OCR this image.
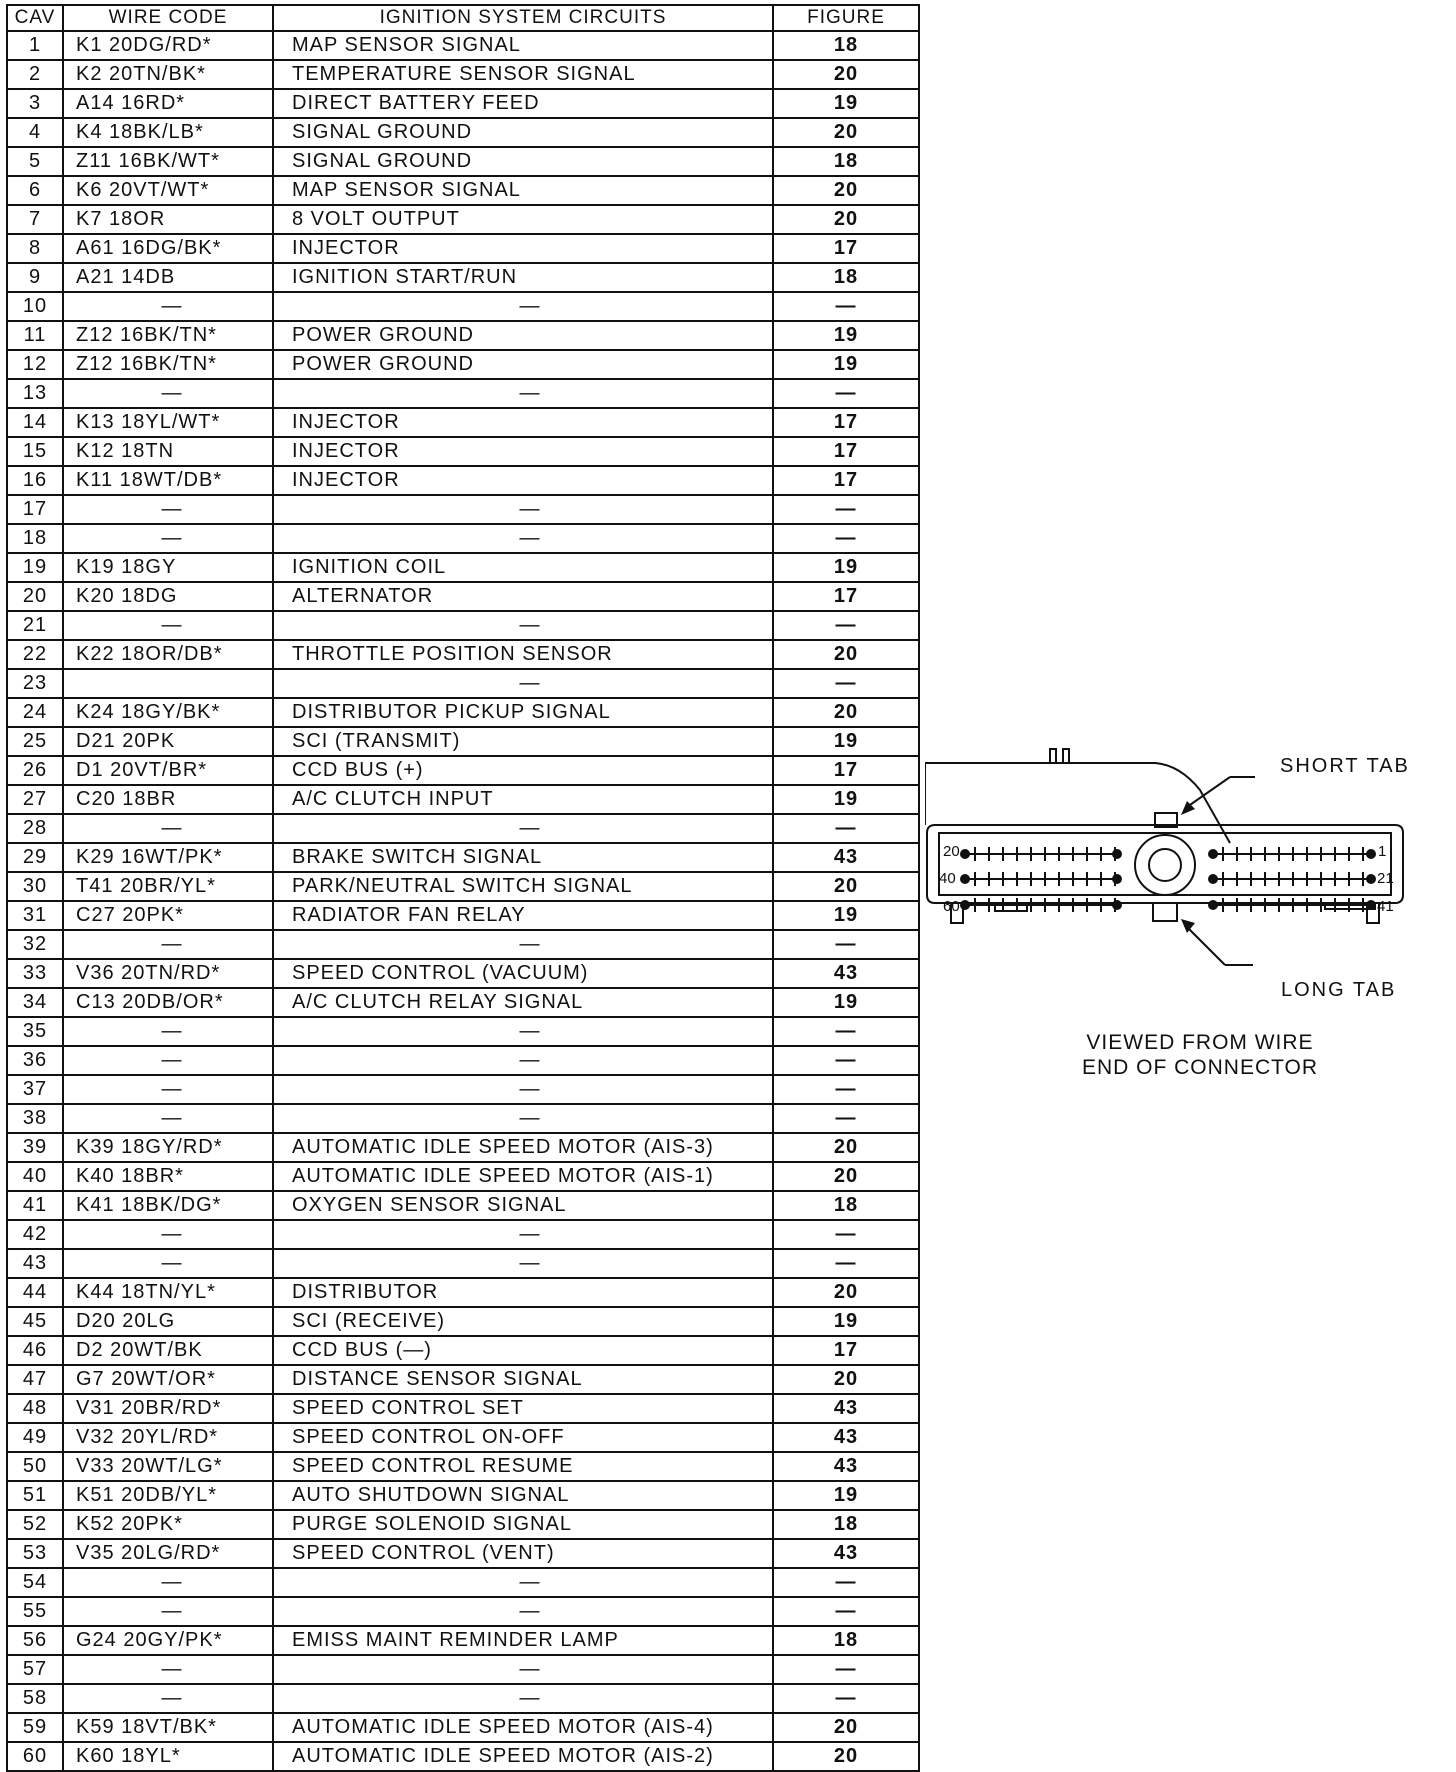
CAV	WIRE CODE	IGNITION SYSTEM CIRCUITS	FIGURE
1	K1 20DG/RD*	MAP SENSOR SIGNAL	18
2	K2 20TN/BK*	TEMPERATURE SENSOR SIGNAL	20
3	A14 16RD*	DIRECT BATTERY FEED	19
4	K4 18BK/LB*	SIGNAL GROUND	20
5	Z11 16BK/WT*	SIGNAL GROUND	18
6	K6 20VT/WT*	MAP SENSOR SIGNAL	20
7	K7 18OR	8 VOLT OUTPUT	20
8	A61 16DG/BK*	INJECTOR	17
9	A21 14DB	IGNITION START/RUN	18
10	—	—	—
11	Z12 16BK/TN*	POWER GROUND	19
12	Z12 16BK/TN*	POWER GROUND	19
13	—	—	—
14	K13 18YL/WT*	INJECTOR	17
15	K12 18TN	INJECTOR	17
16	K11 18WT/DB*	INJECTOR	17
17	—	—	—
18	—	—	—
19	K19 18GY	IGNITION COIL	19
20	K20 18DG	ALTERNATOR	17
21	—	—	—
22	K22 18OR/DB*	THROTTLE POSITION SENSOR	20
23		—	—
24	K24 18GY/BK*	DISTRIBUTOR PICKUP SIGNAL	20
25	D21 20PK	SCI (TRANSMIT)	19
26	D1 20VT/BR*	CCD BUS (+)	17
27	C20 18BR	A/C CLUTCH INPUT	19
28	—	—	—
29	K29 16WT/PK*	BRAKE SWITCH SIGNAL	43
30	T41 20BR/YL*	PARK/NEUTRAL SWITCH SIGNAL	20
31	C27 20PK*	RADIATOR FAN RELAY	19
32	—	—	—
33	V36 20TN/RD*	SPEED CONTROL (VACUUM)	43
34	C13 20DB/OR*	A/C CLUTCH RELAY SIGNAL	19
35	—	—	—
36	—	—	—
37	—	—	—
38	—	—	—
39	K39 18GY/RD*	AUTOMATIC IDLE SPEED MOTOR (AIS-3)	20
40	K40 18BR*	AUTOMATIC IDLE SPEED MOTOR (AIS-1)	20
41	K41 18BK/DG*	OXYGEN SENSOR SIGNAL	18
42	—	—	—
43	—	—	—
44	K44 18TN/YL*	DISTRIBUTOR	20
45	D20 20LG	SCI (RECEIVE)	19
46	D2 20WT/BK	CCD BUS (—)	17
47	G7 20WT/OR*	DISTANCE SENSOR SIGNAL	20
48	V31 20BR/RD*	SPEED CONTROL SET	43
49	V32 20YL/RD*	SPEED CONTROL ON-OFF	43
50	V33 20WT/LG*	SPEED CONTROL RESUME	43
51	K51 20DB/YL*	AUTO SHUTDOWN SIGNAL	19
52	K52 20PK*	PURGE SOLENOID SIGNAL	18
53	V35 20LG/RD*	SPEED CONTROL (VENT)	43
54	—	—	—
55	—	—	—
56	G24 20GY/PK*	EMISS MAINT REMINDER LAMP	18
57	—	—	—
58	—	—	—
59	K59 18VT/BK*	AUTOMATIC IDLE SPEED MOTOR (AIS-4)	20
60	K60 18YL*	AUTOMATIC IDLE SPEED MOTOR (AIS-2)	20
20
40
60
1
21
41
SHORT TAB
LONG TAB
VIEWED FROM WIRE
END OF CONNECTOR
